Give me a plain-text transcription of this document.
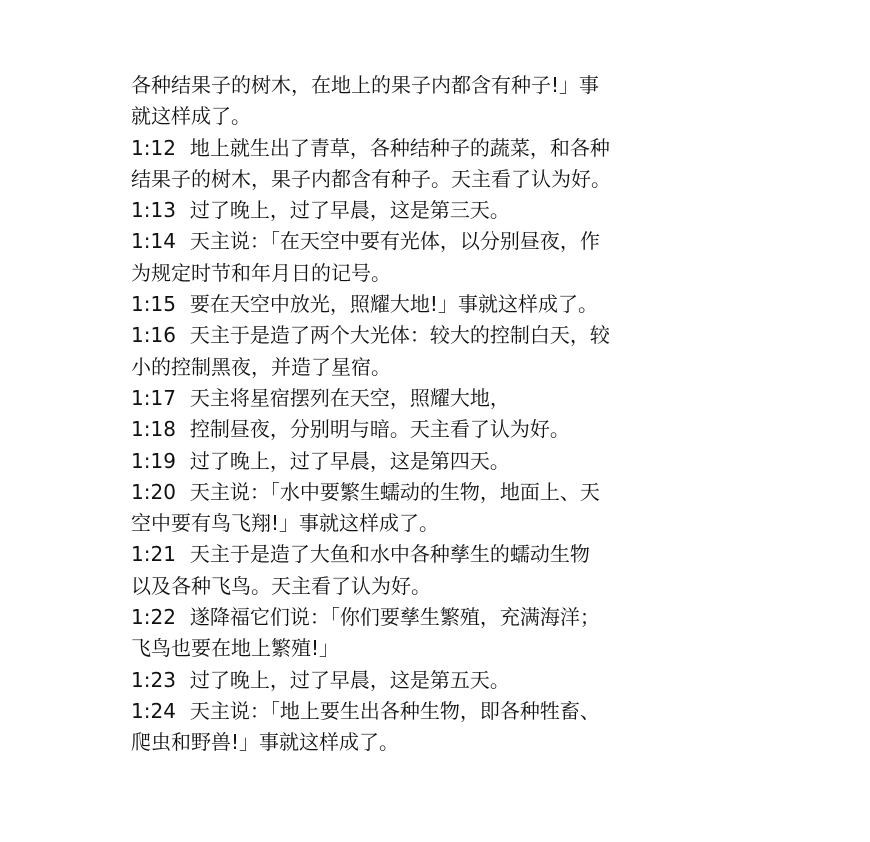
各种结果子的树木，在地上的果子内都含有种子!」事
就这样成了。
1:12 地上就生出了青草，各种结种子的蔬菜，和各种
结果子的树木，果子内都含有种子。天主看了认为好。
1:13 过了晚上，过了早晨，这是第三天。
1:14 天主说：「在天空中要有光体，以分别昼夜，作
为规定时节和年月日的记号。
1:15 要在天空中放光，照耀大地!」事就这样成了。
1:16 天主于是造了两个大光体：较大的控制白天，较
小的控制黑夜，并造了星宿。
1:17 天主将星宿摆列在天空，照耀大地，
1:18 控制昼夜，分别明与暗。天主看了认为好。
1:19 过了晚上，过了早晨，这是第四天。
1:20 天主说：「水中要繁生蠕动的生物，地面上、天
空中要有鸟飞翔!」事就这样成了。
1:21 天主于是造了大鱼和水中各种孳生的蠕动生物
以及各种飞鸟。天主看了认为好。
1:22 遂降福它们说：「你们要孳生繁殖，充满海洋；
飞鸟也要在地上繁殖!」
1:23 过了晚上，过了早晨，这是第五天。
1:24 天主说：「地上要生出各种生物，即各种牲畜、
爬虫和野兽!」事就这样成了。
